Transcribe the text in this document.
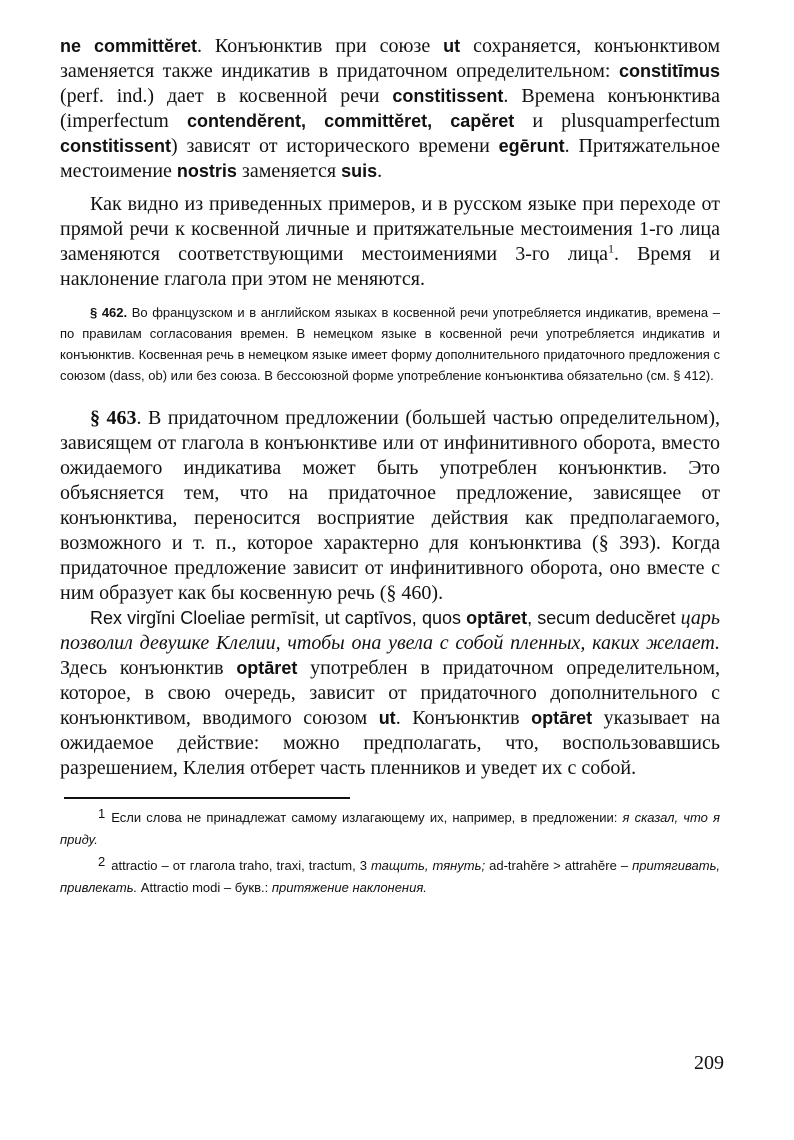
ne committĕret. Конъюнктив при союзе ut сохраняется, конъюнктивом заменяется также индикатив в придаточном определительном: constitīmus (perf. ind.) дает в косвенной речи constitissent. Времена конъюнктива (imperfectum contendĕrent, committĕret, capĕret и plusquamperfectum constitissent) зависят от исторического времени egērunt. Притяжательное местоимение nostris заменяется suis.

Как видно из приведенных примеров, и в русском языке при переходе от прямой речи к косвенной личные и притяжательные местоимения 1-го лица заменяются соответствующими местоимениями 3-го лица$^1$. Время и наклонение глагола при этом не меняются.

§ 462. Во французском и в английском языках в косвенной речи употребляется индикатив, времена – по правилам согласования времен. В немецком языке в косвенной речи употребляется индикатив и конъюнктив. Косвенная речь в немецком языке имеет форму дополнительного придаточного предложения с союзом (dass, ob) или без союза. В бессоюзной форме употребление конъюнктива обязательно (см. § 412).

§ 463. В придаточном предложении (большей частью определительном), зависящем от глагола в конъюнктиве или от инфинитивного оборота, вместо ожидаемого индикатива может быть употреблен конъюнктив. Это объясняется тем, что на придаточное предложение, зависящее от конъюнктива, переносится восприятие действия как предполагаемого, возможного и т. п., которое характерно для конъюнктива (§ 393). Когда придаточное предложение зависит от инфинитивного оборота, оно вместе с ним образует как бы косвенную речь (§ 460).

Rex virgĭni Cloeliae permīsit, ut captīvos, quos optāret, secum deducĕret царь позволил девушке Клелии, чтобы она увела с собой пленных, каких желает. Здесь конъюнктив optāret употреблен в придаточном определительном, которое, в свою очередь, зависит от придаточного дополнительного с конъюнктивом, вводимого союзом ut. Конъюнктив optāret указывает на ожидаемое действие: можно предполагать, что, воспользовавшись разрешением, Клелия отберет часть пленников и уведет их с собой.

1 Если слова не принадлежат самому излагающему их, например, в предложении: я сказал, что я приду.

2 attractio – от глагола traho, traxi, tractum, 3 тащить, тянуть; ad-trahĕre > attrahĕre – притягивать, привлекать. Attractio modi – букв.: притяжение наклонения.

209
